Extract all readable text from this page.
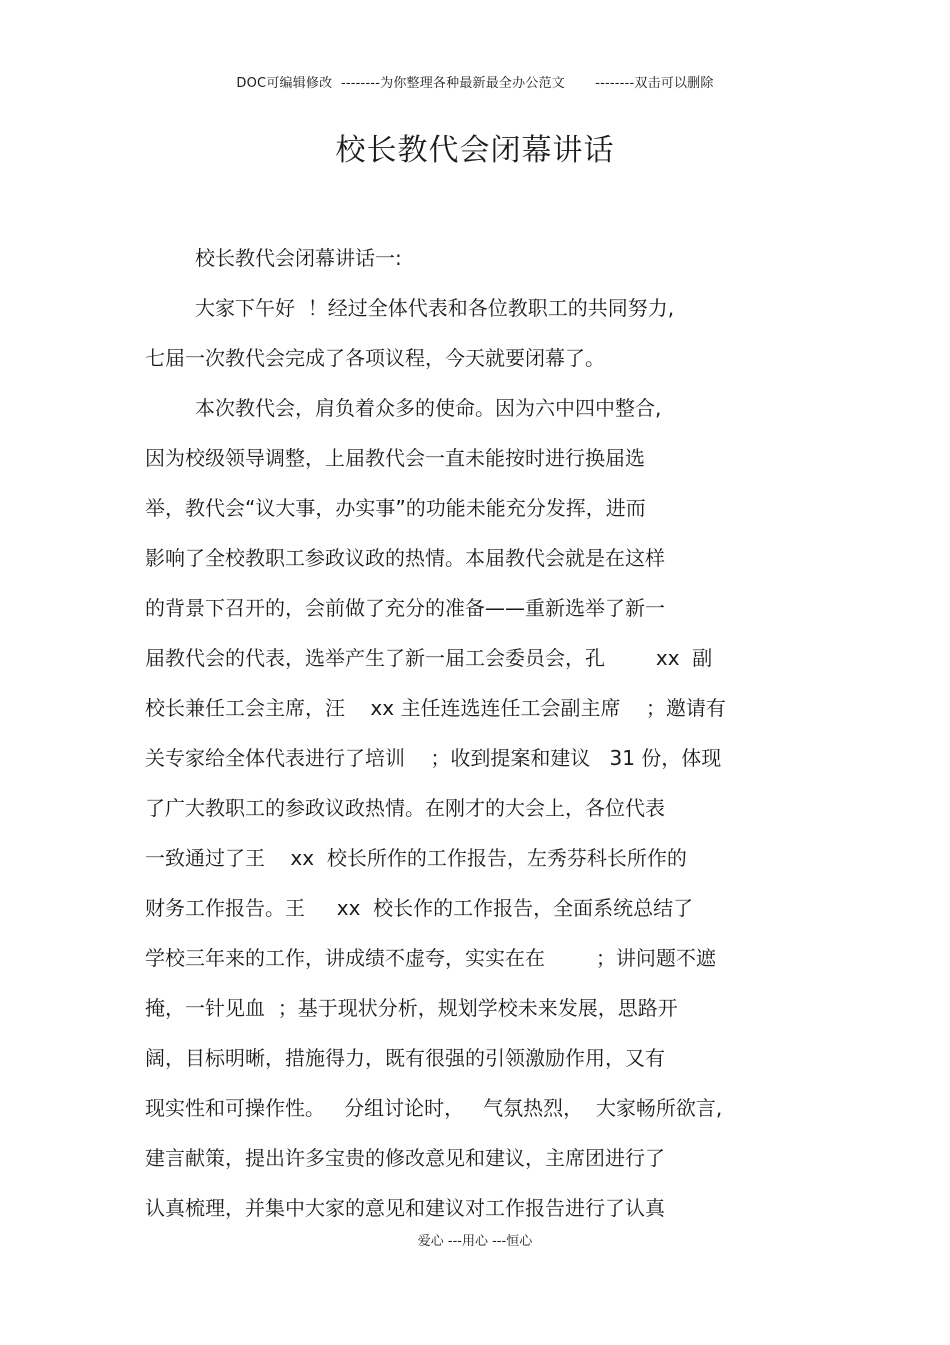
DOC可编辑修改  --------为你整理各种最新最全办公范文       --------双击可以删除
校长教代会闭幕讲话
校长教代会闭幕讲话一:
大家下午好  ！经过全体代表和各位教职工的共同努力,
七届一次教代会完成了各项议程，今天就要闭幕了。
本次教代会，肩负着众多的使命。因为六中四中整合,
因为校级领导调整，上届教代会一直未能按时进行换届选
举，教代会“议大事，办实事”的功能未能充分发挥，进而
影响了全校教职工参政议政的热情。本届教代会就是在这样
的背景下召开的，会前做了充分的准备——重新选举了新一
届教代会的代表，选举产生了新一届工会委员会，孔        xx  副
校长兼任工会主席，汪    xx 主任连选连任工会副主席    ；邀请有
关专家给全体代表进行了培训    ；收到提案和建议   31 份，体现
了广大教职工的参政议政热情。在刚才的大会上，各位代表
一致通过了王    xx  校长所作的工作报告，左秀芬科长所作的
财务工作报告。王     xx  校长作的工作报告，全面系统总结了
学校三年来的工作，讲成绩不虚夸，实实在在        ；讲问题不遮
掩，一针见血  ；基于现状分析，规划学校未来发展，思路开
阔，目标明晰，措施得力，既有很强的引领激励作用，又有
现实性和可操作性。   分组讨论时，   气氛热烈，  大家畅所欲言,
建言献策，提出许多宝贵的修改意见和建议，主席团进行了
认真梳理，并集中大家的意见和建议对工作报告进行了认真
爱心 ---用心 ---恒心
